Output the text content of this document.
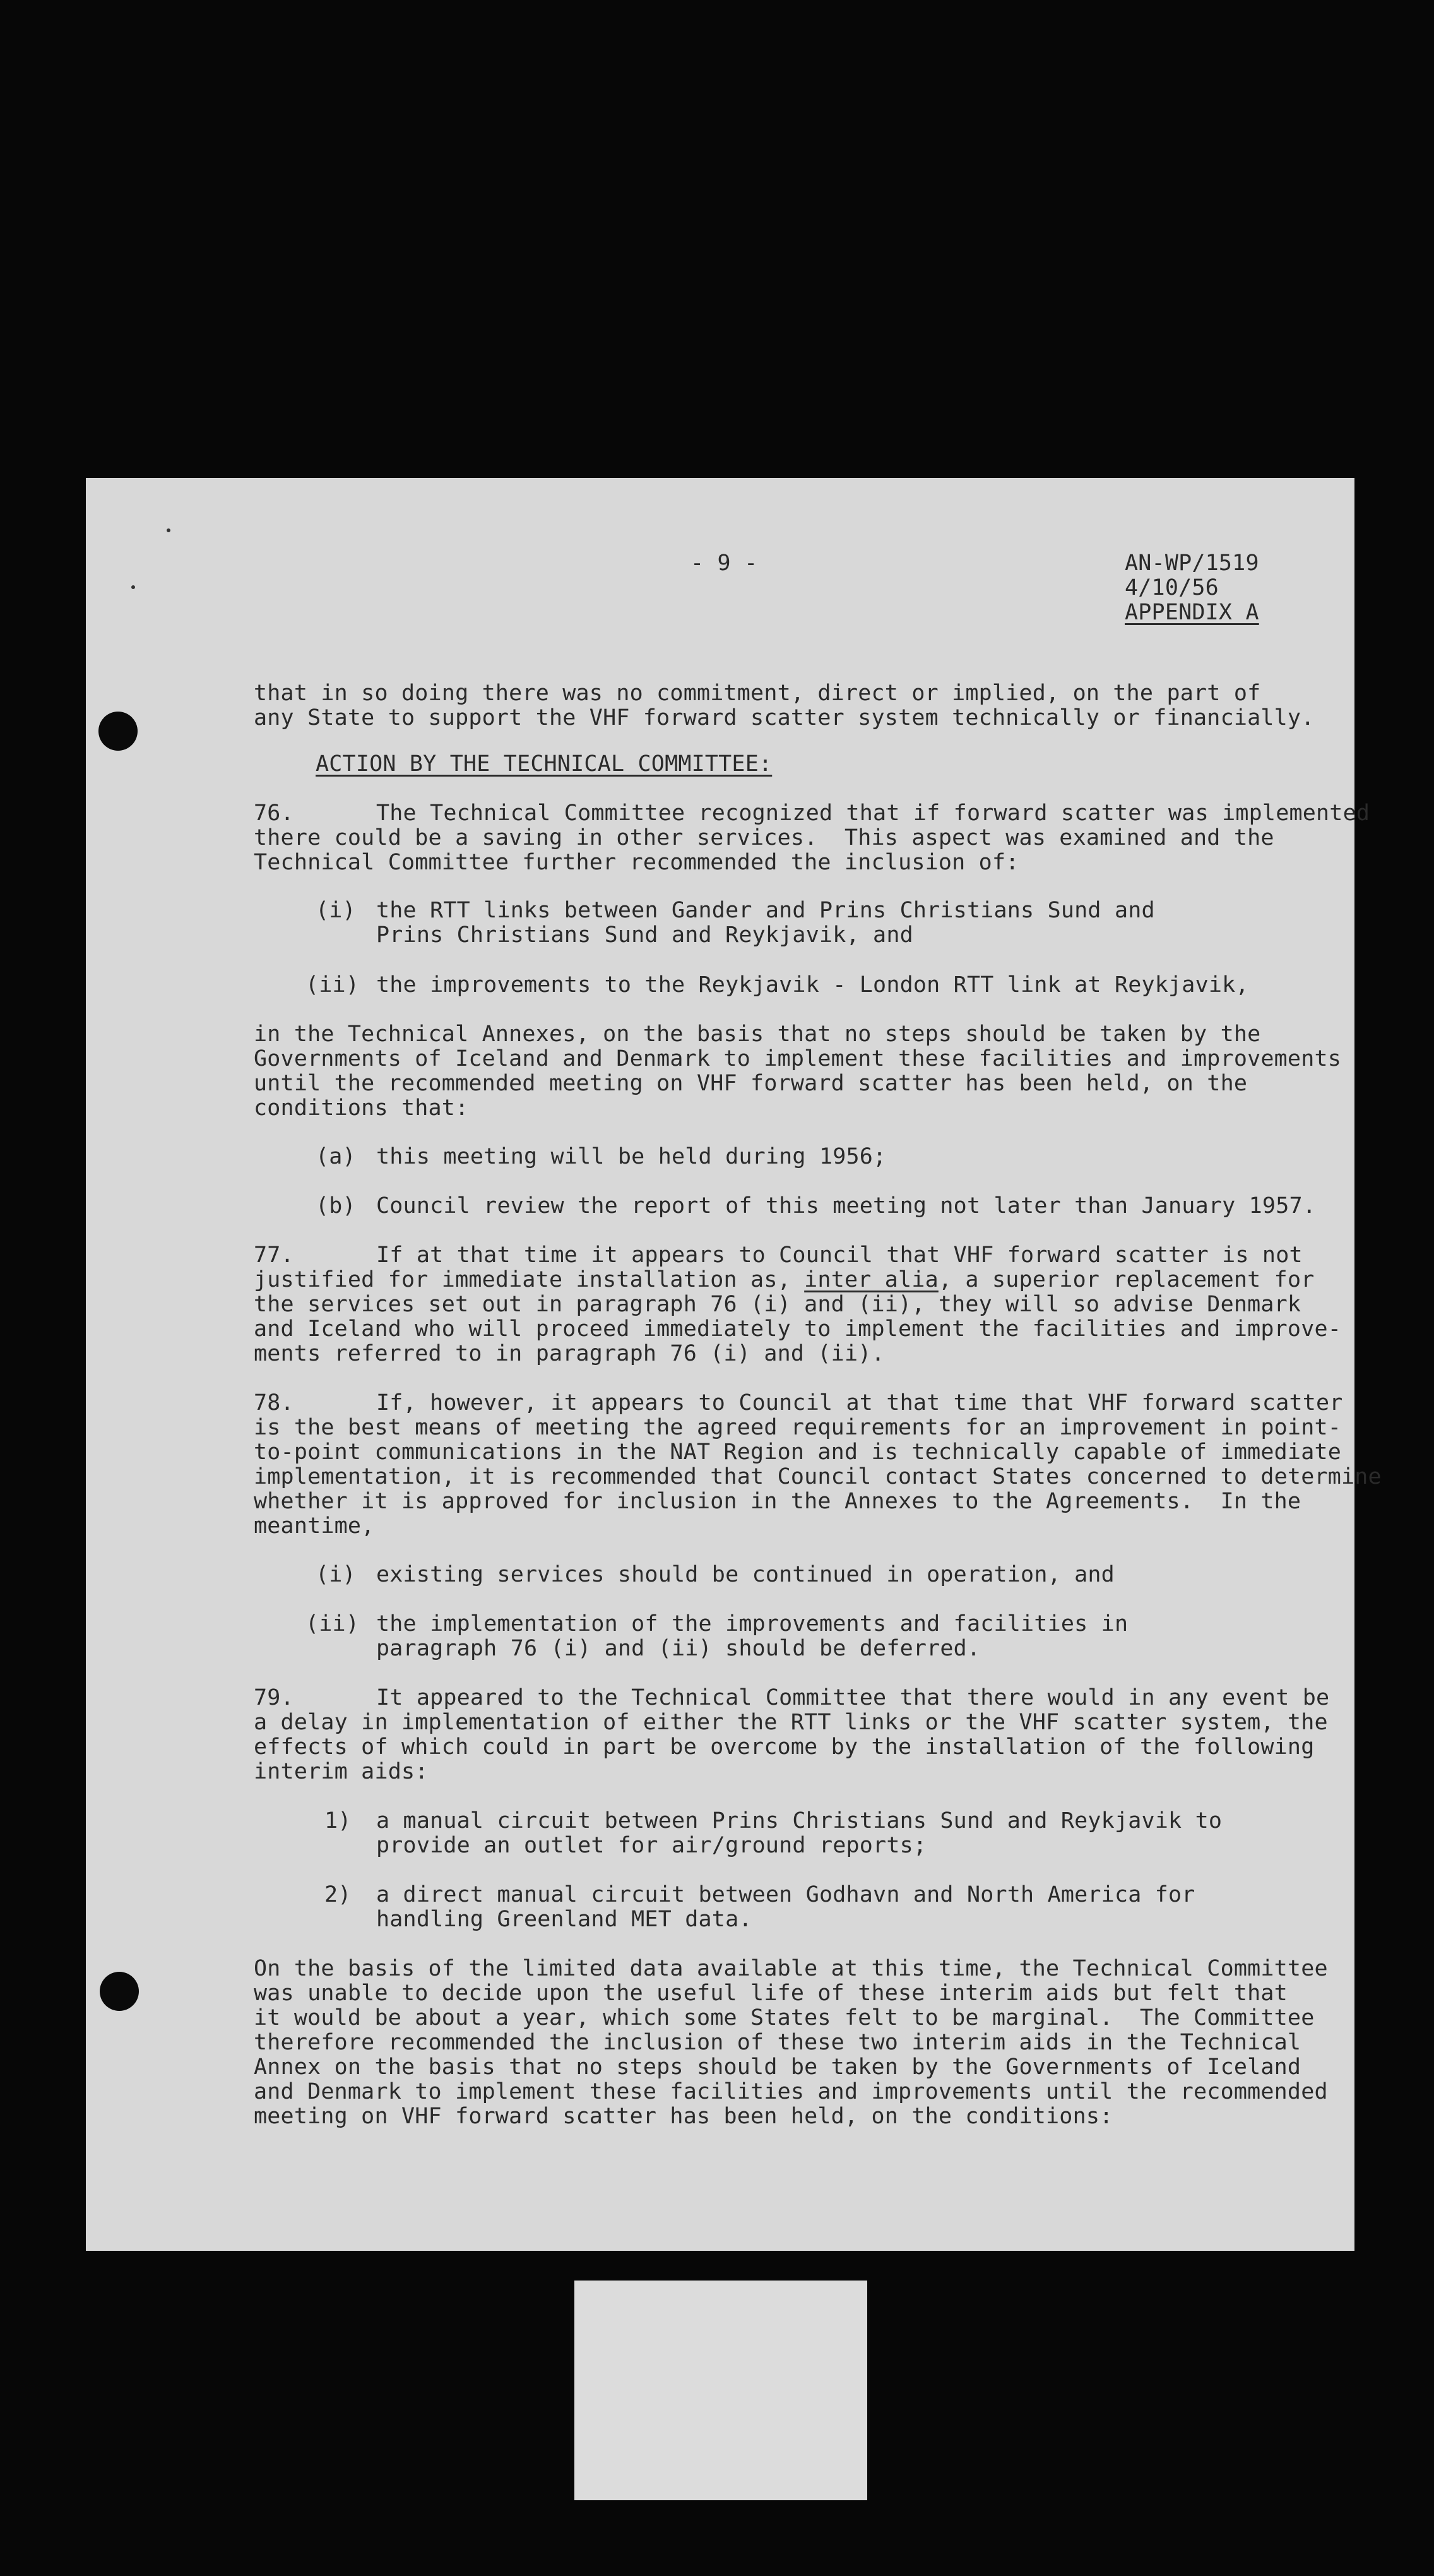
- 9 -	AN-WP/1519

4/10/56

APPENDIX A

that in so doing there was no commitment, direct or implied, on the part of

any State to support the VHF forward scatter system technically or financially.

ACTION BY THE TECHNICAL COMMITTEE:

76.	The Technical Committee recognized that if forward scatter was implemented

there could be a saving in other services.  This aspect was examined and the

Technical Committee further recommended the inclusion of:

(i) the RTT links between Gander and Prins Christians Sund and

Prins Christians Sund and Reykjavik, and

(ii) the improvements to the Reykjavik - London RTT link at Reykjavik,

in the Technical Annexes, on the basis that no steps should be taken by the

Governments of Iceland and Denmark to implement these facilities and improvements

until the recommended meeting on VHF forward scatter has been held, on the

conditions that:

(a) this meeting will be held during 1956;

(b) Council review the report of this meeting not later than January 1957.

77.	If at that time it appears to Council that VHF forward scatter is not

justified for immediate installation as, inter alia, a superior replacement for

the services set out in paragraph 76 (i) and (ii), they will so advise Denmark

and Iceland who will proceed immediately to implement the facilities and improve-

ments referred to in paragraph 76 (i) and (ii).

78.	If, however, it appears to Council at that time that VHF forward scatter

is the best means of meeting the agreed requirements for an improvement in point-

to-point communications in the NAT Region and is technically capable of immediate

implementation, it is recommended that Council contact States concerned to determine

whether it is approved for inclusion in the Annexes to the Agreements.  In the

meantime,

(i) existing services should be continued in operation, and

(ii) the implementation of the improvements and facilities in

paragraph 76 (i) and (ii) should be deferred.

79.	It appeared to the Technical Committee that there would in any event be

a delay in implementation of either the RTT links or the VHF scatter system, the

effects of which could in part be overcome by the installation of the following

interim aids:

1) a manual circuit between Prins Christians Sund and Reykjavik to

provide an outlet for air/ground reports;

2) a direct manual circuit between Godhavn and North America for

handling Greenland MET data.

On the basis of the limited data available at this time, the Technical Committee

was unable to decide upon the useful life of these interim aids but felt that

it would be about a year, which some States felt to be marginal.  The Committee

therefore recommended the inclusion of these two interim aids in the Technical

Annex on the basis that no steps should be taken by the Governments of Iceland

and Denmark to implement these facilities and improvements until the recommended

meeting on VHF forward scatter has been held, on the conditions:
